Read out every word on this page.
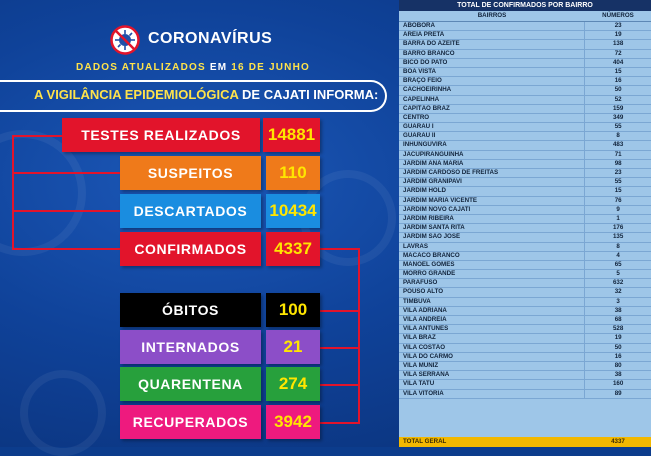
CORONAVÍRUS
DADOS ATUALIZADOS EM 16 DE JUNHO
A VIGILÂNCIA EPIDEMIOLÓGICA DE CAJATI INFORMA:
TESTES REALIZADOS	14881
SUSPEITOS	110
DESCARTADOS	10434
CONFIRMADOS	4337
ÓBITOS	100
INTERNADOS	21
QUARENTENA	274
RECUPERADOS	3942
TOTAL DE CONFIRMADOS POR BAIRRO
BAIRROS	NÚMEROS
ABÓBORA	23
AREIA PRETA	19
BARRA DO AZEITE	138
BARRO BRANCO	72
BICO DO PATO	404
BOA VISTA	15
BRAÇO FEIO	16
CACHOEIRINHA	50
CAPELINHA	52
CAPITÃO BRAZ	159
CENTRO	349
GUARAÚ I	55
GUARAÚ II	8
INHUNGUVIRA	483
JACUPIRANGUINHA	71
JARDIM ANA MARIA	98
JARDIM CARDOSO DE FREITAS	23
JARDIM GRANIPAVI	55
JARDIM HOLD	15
JARDIM MARIA VICENTE	76
JARDIM NOVO CAJATI	9
JARDIM RIBEIRA	1
JARDIM SANTA RITA	176
JARDIM SÃO JOSÉ	135
LAVRAS	8
MACACO BRANCO	4
MANOEL GOMES	65
MORRO GRANDE	5
PARAFUSO	632
POUSO ALTO	32
TIMBUVA	3
VILA ADRIANA	38
VILA ANDRÉIA	68
VILA ANTUNES	528
VILA BRAZ	19
VILA COSTÃO	50
VILA DO CARMO	16
VILA MUNIZ	80
VILA SERRANA	38
VILA TATU	160
VILA VITÓRIA	89
TOTAL GERAL	4337
